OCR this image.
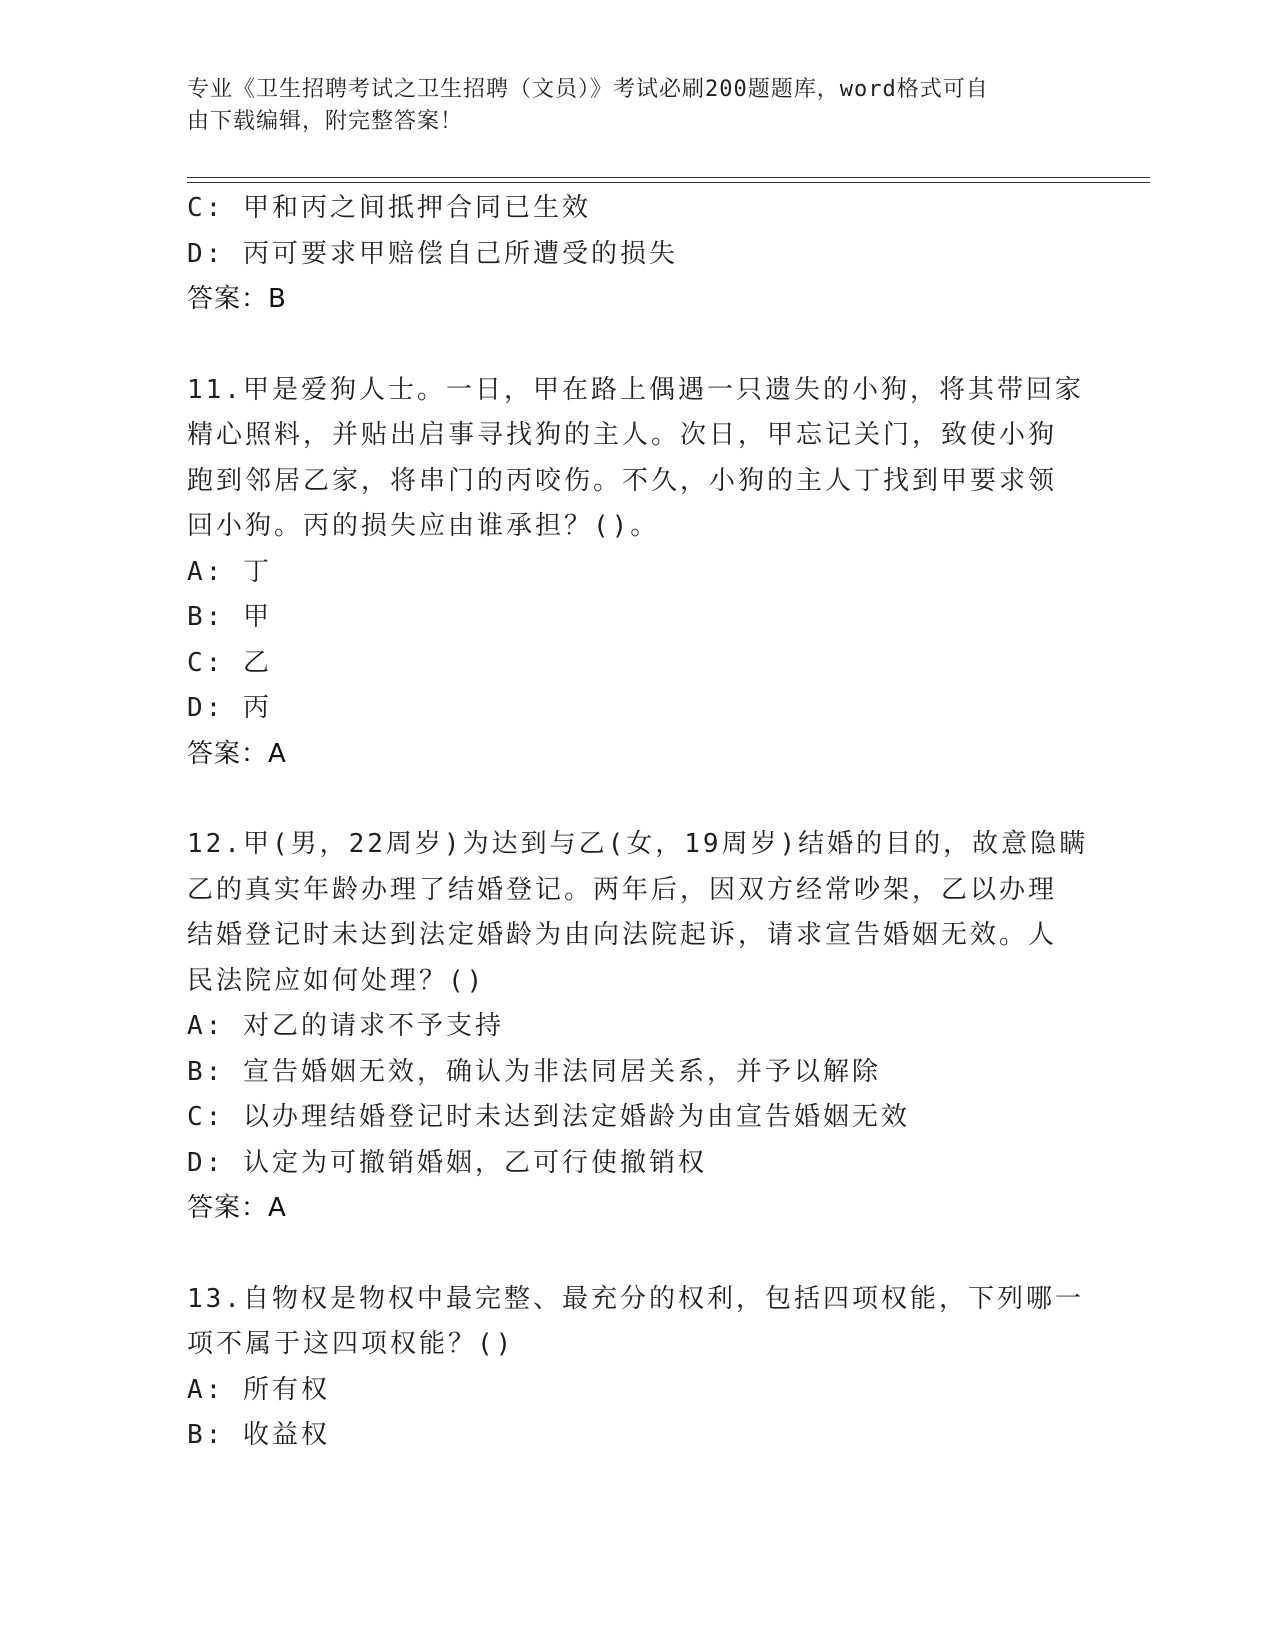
专业《卫生招聘考试之卫生招聘（文员）》考试必刷200题题库，word格式可自
由下载编辑，附完整答案！
C: 甲和丙之间抵押合同已生效
D: 丙可要求甲赔偿自己所遭受的损失
答案：B
11.甲是爱狗人士。一日，甲在路上偶遇一只遗失的小狗，将其带回家
精心照料，并贴出启事寻找狗的主人。次日，甲忘记关门，致使小狗
跑到邻居乙家，将串门的丙咬伤。不久，小狗的主人丁找到甲要求领
回小狗。丙的损失应由谁承担？()。
A: 丁
B: 甲
C: 乙
D: 丙
答案：A
12.甲(男，22周岁)为达到与乙(女，19周岁)结婚的目的，故意隐瞒
乙的真实年龄办理了结婚登记。两年后，因双方经常吵架，乙以办理
结婚登记时未达到法定婚龄为由向法院起诉，请求宣告婚姻无效。人
民法院应如何处理？()
A: 对乙的请求不予支持
B: 宣告婚姻无效，确认为非法同居关系，并予以解除
C: 以办理结婚登记时未达到法定婚龄为由宣告婚姻无效
D: 认定为可撤销婚姻，乙可行使撤销权
答案：A
13.自物权是物权中最完整、最充分的权利，包括四项权能，下列哪一
项不属于这四项权能？()
A: 所有权
B: 收益权
